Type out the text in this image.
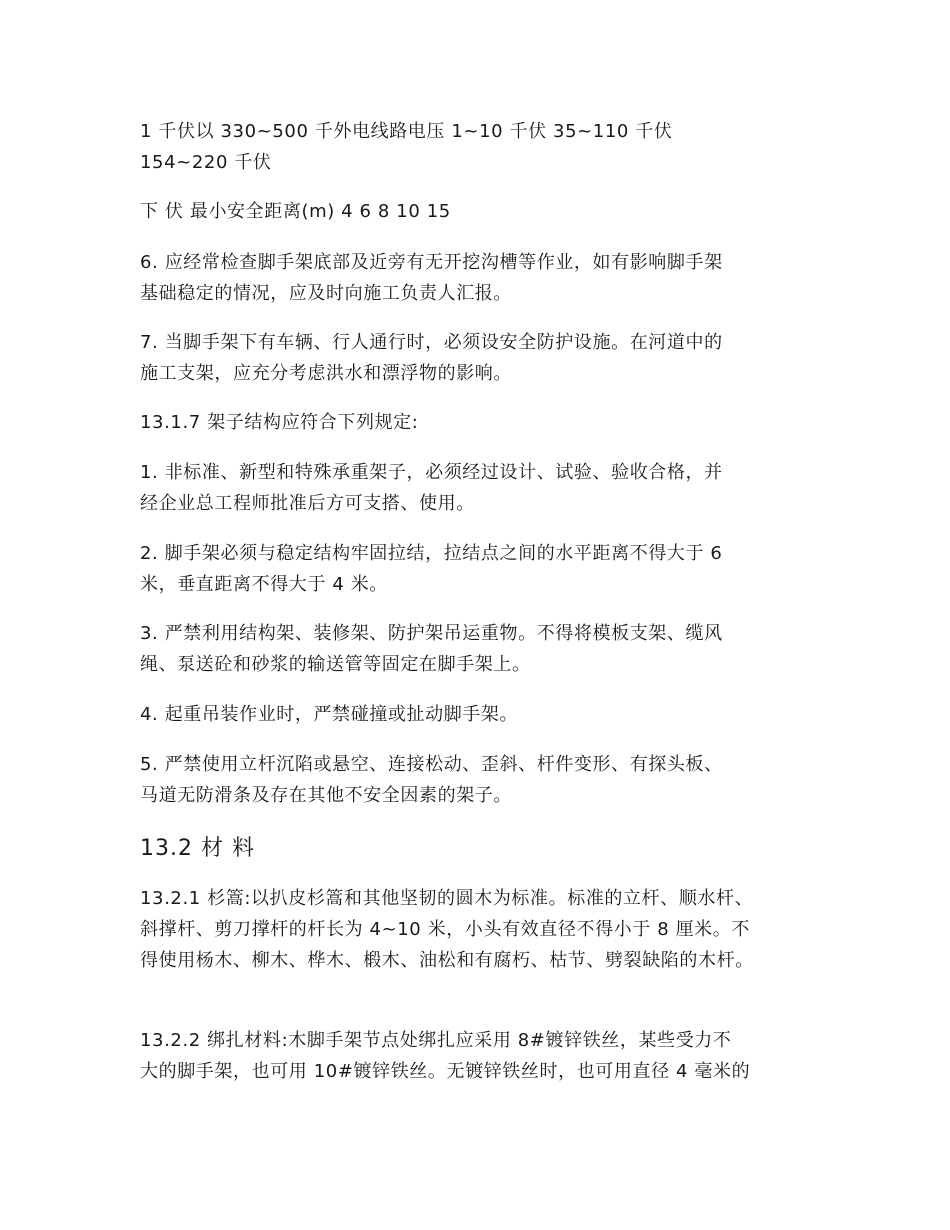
1 千伏以 330~500 千外电线路电压 1~10 千伏 35~110 千伏
154~220 千伏
下 伏 最小安全距离(m) 4 6 8 10 15
6. 应经常检查脚手架底部及近旁有无开挖沟槽等作业，如有影响脚手架
基础稳定的情况，应及时向施工负责人汇报。
7. 当脚手架下有车辆、行人通行时，必须设安全防护设施。在河道中的
施工支架，应充分考虑洪水和漂浮物的影响。
13.1.7 架子结构应符合下列规定:
1. 非标准、新型和特殊承重架子，必须经过设计、试验、验收合格，并
经企业总工程师批准后方可支搭、使用。
2. 脚手架必须与稳定结构牢固拉结，拉结点之间的水平距离不得大于 6
米，垂直距离不得大于 4 米。
3. 严禁利用结构架、装修架、防护架吊运重物。不得将模板支架、缆风
绳、泵送砼和砂浆的输送管等固定在脚手架上。
4. 起重吊装作业时，严禁碰撞或扯动脚手架。
5. 严禁使用立杆沉陷或悬空、连接松动、歪斜、杆件变形、有探头板、
马道无防滑条及存在其他不安全因素的架子。
13.2 材 料
13.2.1 杉篙:以扒皮杉篙和其他坚韧的圆木为标准。标准的立杆、顺水杆、
斜撑杆、剪刀撑杆的杆长为 4~10 米，小头有效直径不得小于 8 厘米。不
得使用杨木、柳木、桦木、椴木、油松和有腐朽、枯节、劈裂缺陷的木杆。
13.2.2 绑扎材料:木脚手架节点处绑扎应采用 8#镀锌铁丝，某些受力不
大的脚手架，也可用 10#镀锌铁丝。无镀锌铁丝时，也可用直径 4 毫米的
